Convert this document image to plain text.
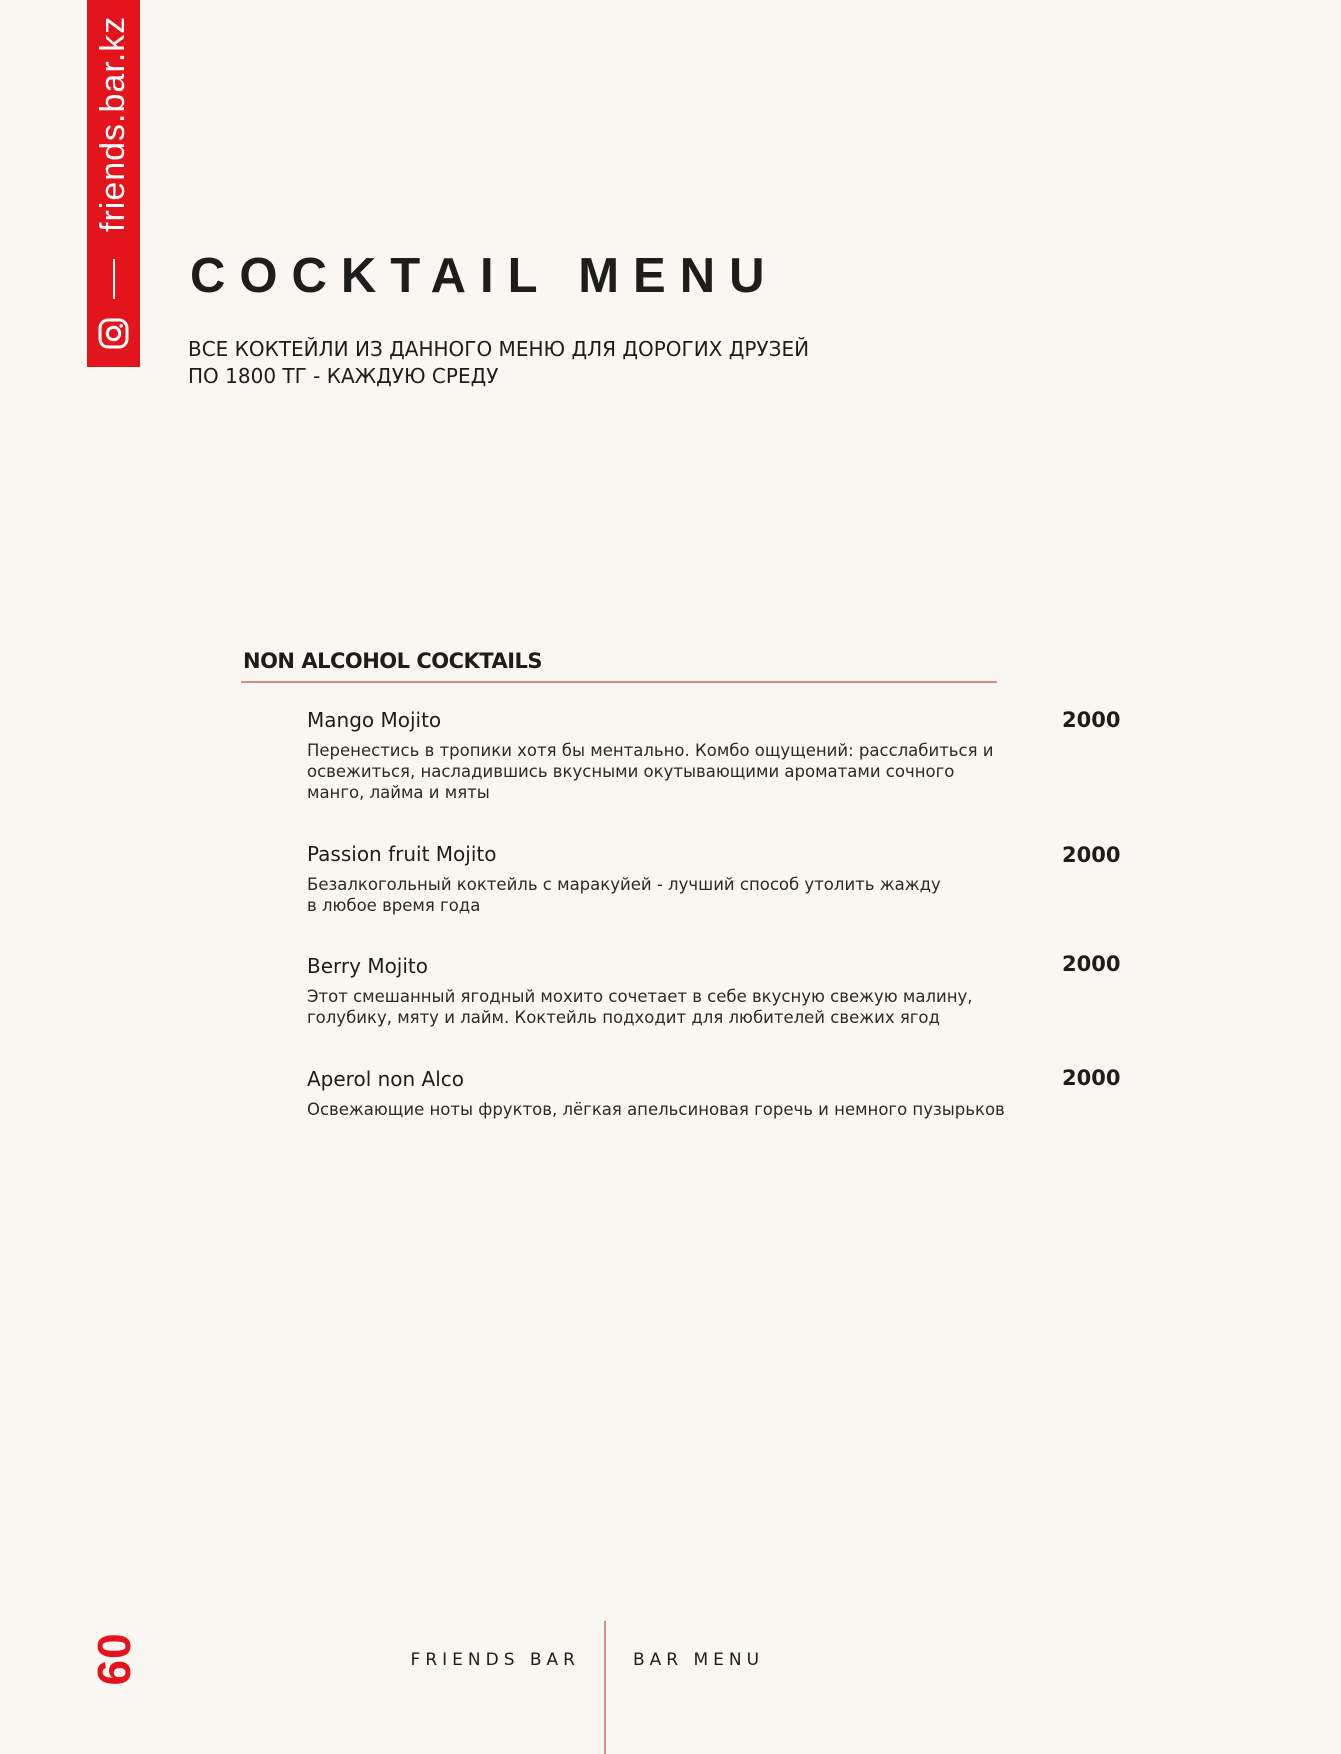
friends.bar.kz
COCKTAIL MENU
ВСЕ КОКТЕЙЛИ ИЗ ДАННОГО МЕНЮ ДЛЯ ДОРОГИХ ДРУЗЕЙ
ПО 1800 ТГ - КАЖДУЮ СРЕДУ
NON ALCOHOL COCKTAILS
Mango Mojito	2000
Перенестись в тропики хотя бы ментально. Комбо ощущений: расслабиться и
освежиться, насладившись вкусными окутывающими ароматами сочного
манго, лайма и мяты
Passion fruit Mojito	2000
Безалкогольный коктейль с маракуйей - лучший способ утолить жажду
в любое время года
Berry Mojito	2000
Этот смешанный ягодный мохито сочетает в себе вкусную свежую малину,
голубику, мяту и лайм. Коктейль подходит для любителей свежих ягод
Aperol non Alco	2000
Освежающие ноты фруктов, лёгкая апельсиновая горечь и немного пузырьков
09	FRIENDS BAR	BAR MENU
